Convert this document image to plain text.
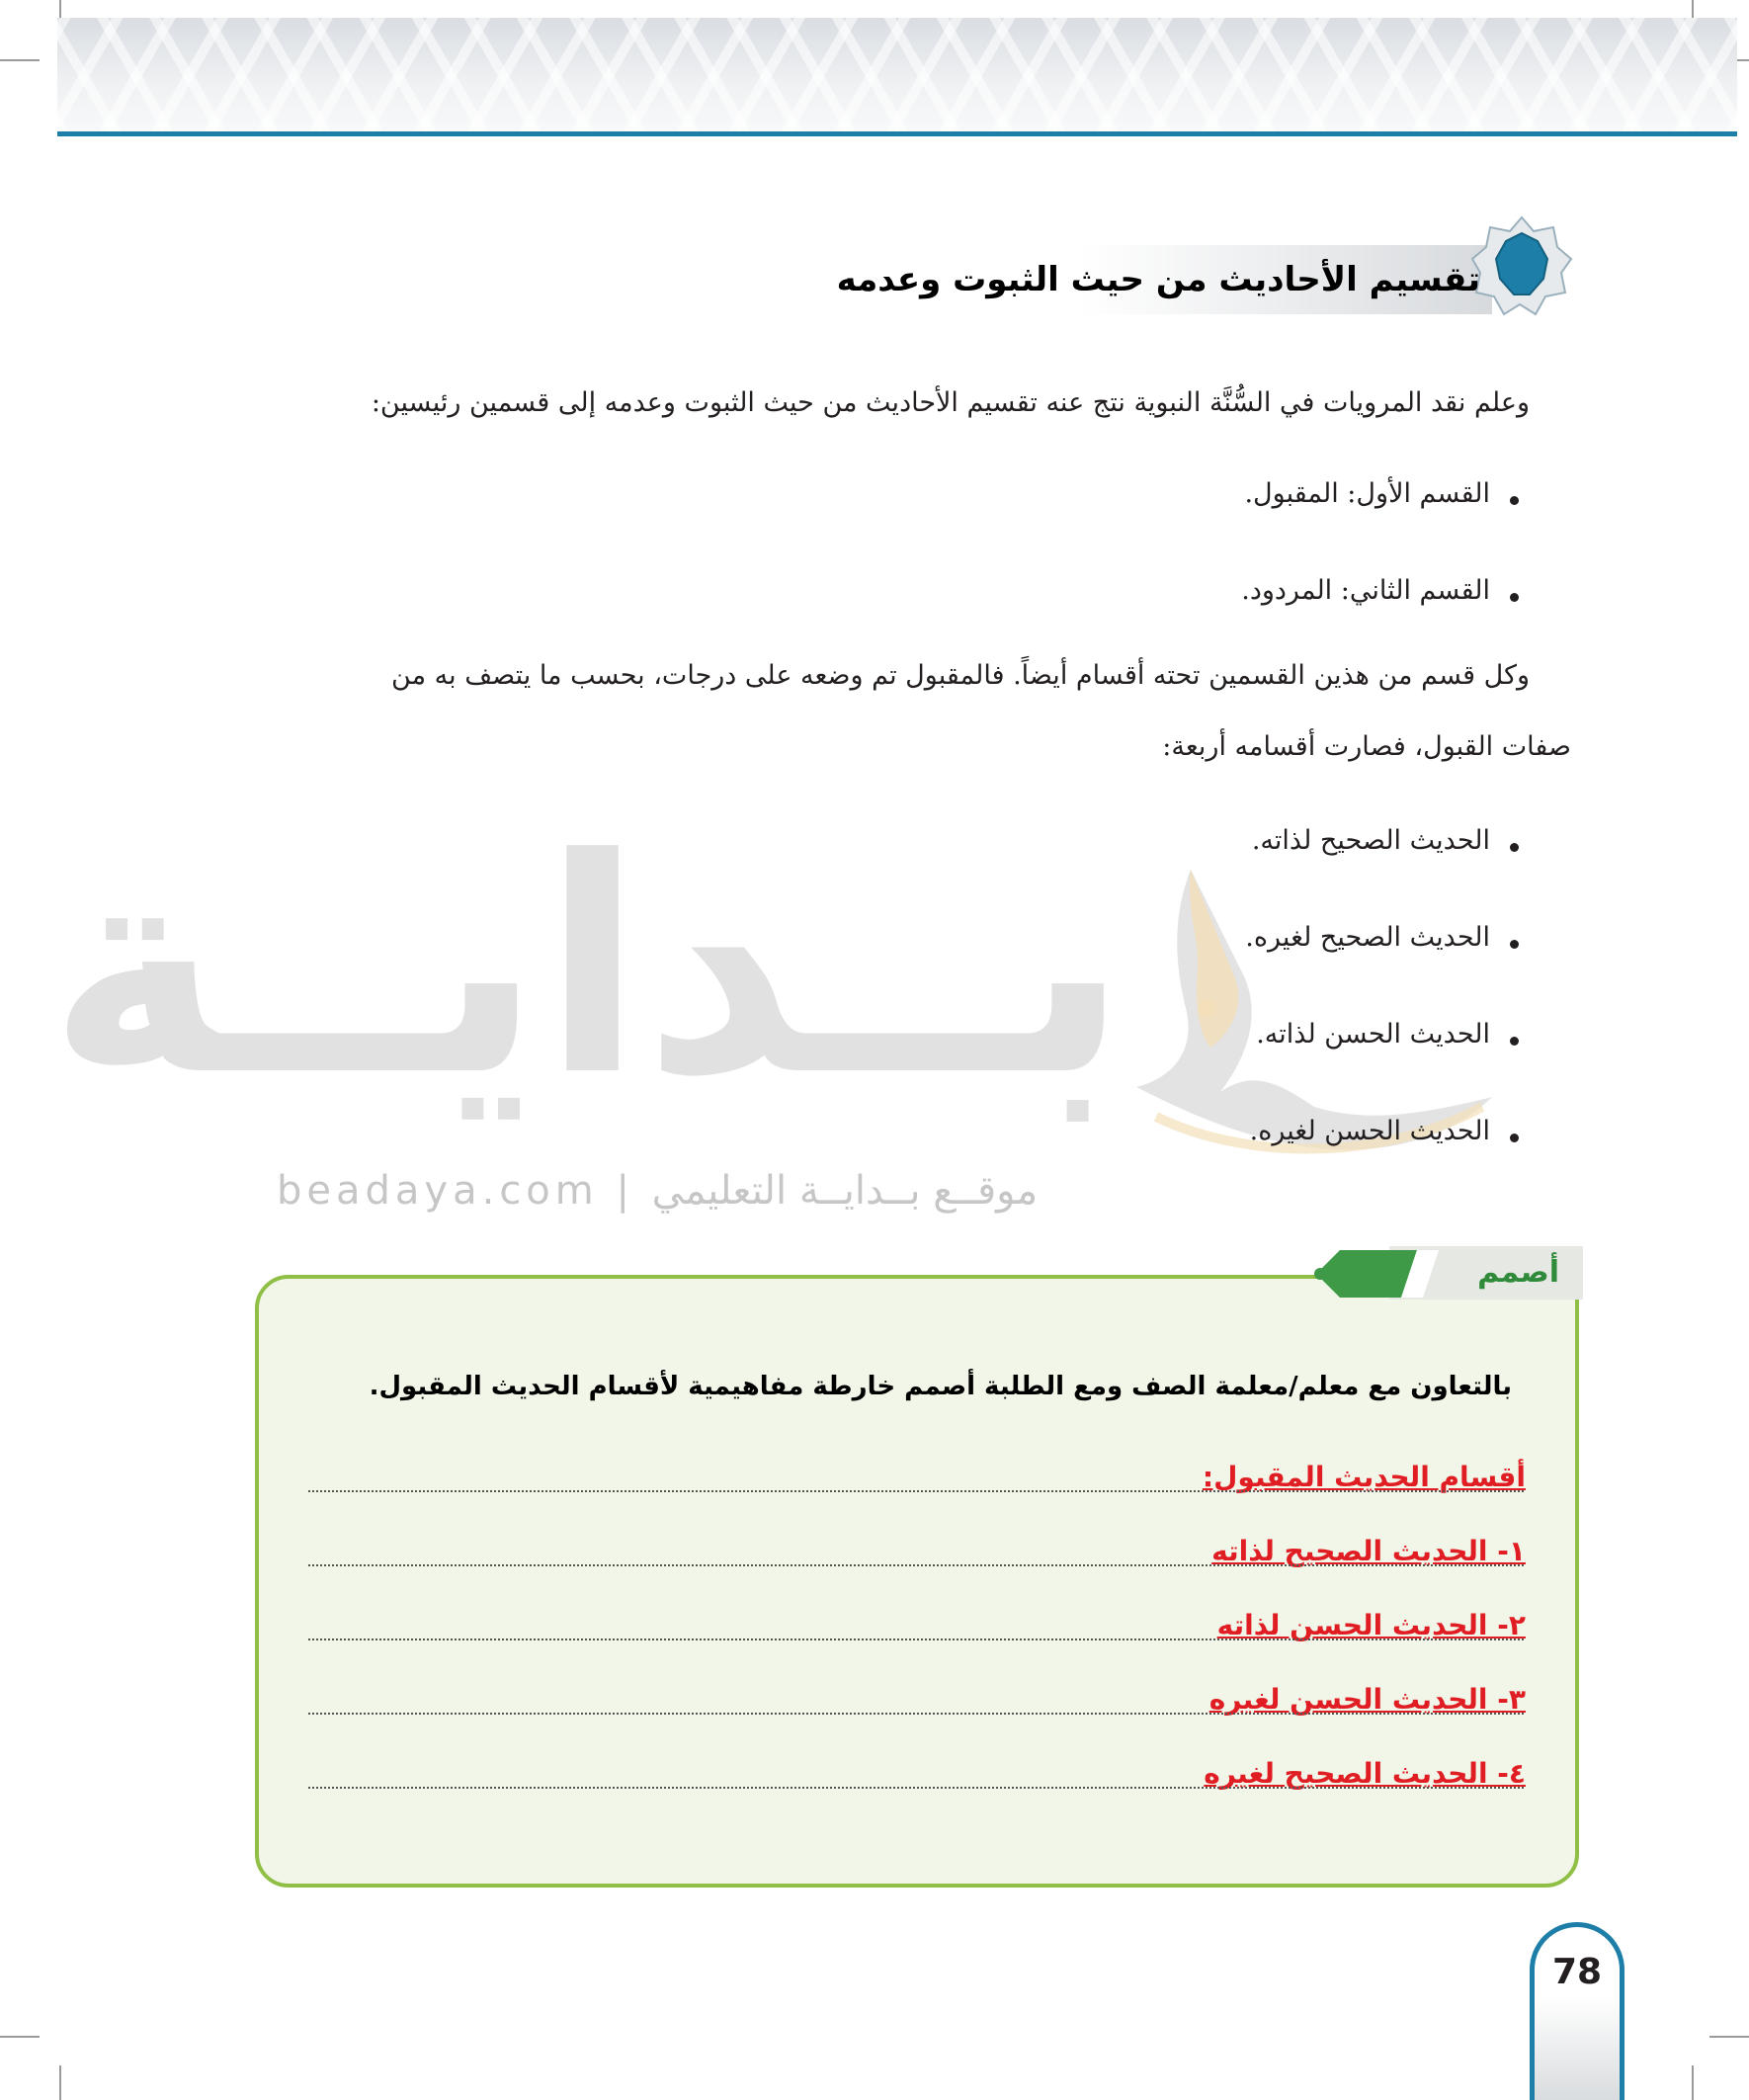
تقسيم الأحاديث من حيث الثبوت وعدمه
وعلم نقد المرويات في السُّنَّة النبوية نتج عنه تقسيم الأحاديث من حيث الثبوت وعدمه إلى قسمين رئيسين:
القسم الأول: المقبول.
القسم الثاني: المردود.
وكل قسم من هذين القسمين تحته أقسام أيضاً. فالمقبول تم وضعه على درجات، بحسب ما يتصف به من
صفات القبول، فصارت أقسامه أربعة:
بــدايــة
beadaya.com | موقــع بــدايــة التعليمي
الحديث الصحيح لذاته.
الحديث الصحيح لغيره.
الحديث الحسن لذاته.
الحديث الحسن لغيره.
أصمم
بالتعاون مع معلم/معلمة الصف ومع الطلبة أصمم خارطة مفاهيمية لأقسام الحديث المقبول.
أقسام الحديث المقبول:
١- الحديث الصحيح لذاته
٢- الحديث الحسن لذاته
٣- الحديث الحسن لغيره
٤- الحديث الصحيح لغيره
78
